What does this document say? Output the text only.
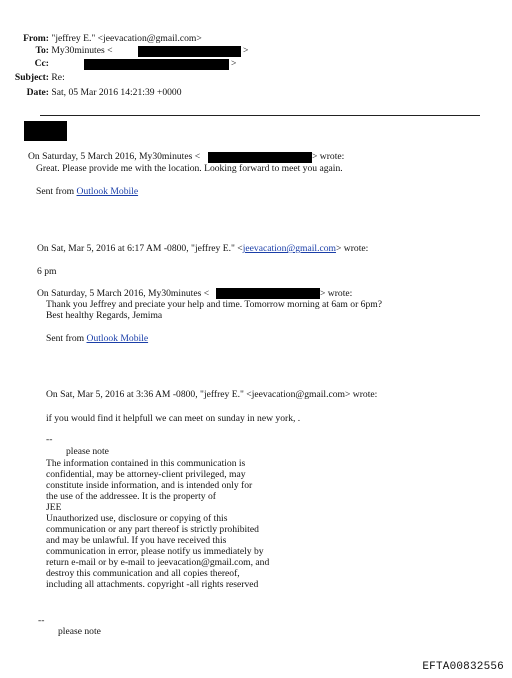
From: "jeffrey E." <jeevacation@gmail.com>
To: My30minutes <	>
Cc:	>
Subject: Re:
Date: Sat, 05 Mar 2016 14:21:39 +0000
On Saturday, 5 March 2016, My30minutes <	> wrote:
Great. Please provide me with the location. Looking forward to meet you again.
Sent from Outlook Mobile
On Sat, Mar 5, 2016 at 6:17 AM -0800, "jeffrey E." <jeevacation@gmail.com> wrote:
6 pm
On Saturday, 5 March 2016, My30minutes <	> wrote:
Thank you Jeffrey and preciate your help and time. Tomorrow morning at 6am or 6pm?
Best healthy Regards, Jemima
Sent from Outlook Mobile
On Sat, Mar 5, 2016 at 3:36 AM -0800, "jeffrey E." <jeevacation@gmail.com> wrote:
if you would find it helpfull we can meet on sunday in new york, .
--
please note
The information contained in this communication is
confidential, may be attorney-client privileged, may
constitute inside information, and is intended only for
the use of the addressee. It is the property of
JEE
Unauthorized use, disclosure or copying of this
communication or any part thereof is strictly prohibited
and may be unlawful. If you have received this
communication in error, please notify us immediately by
return e-mail or by e-mail to jeevacation@gmail.com, and
destroy this communication and all copies thereof,
including all attachments. copyright -all rights reserved
--
please note
EFTA00832556
